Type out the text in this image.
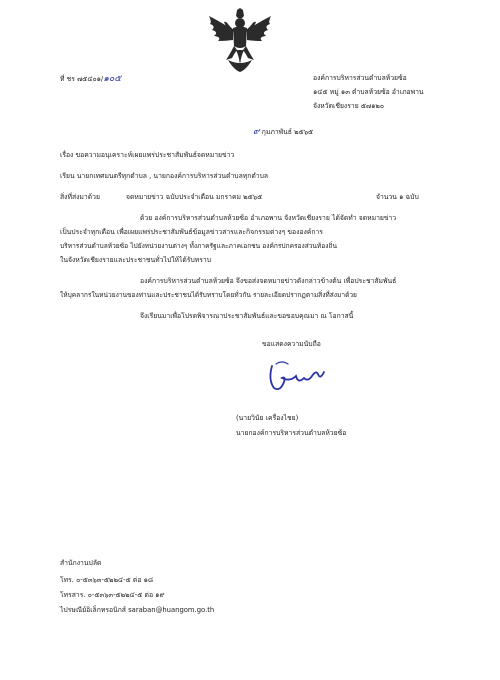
ที่ ชร ๗๕๔๐๑/๑๐๕	องค์การบริหารส่วนตำบลห้วยซ้อ
๑๔๕ หมู่ ๑๓ ตำบลห้วยซ้อ อำเภอพาน
จังหวัดเชียงราย ๕๗๑๒๐
๙ กุมภาพันธ์ ๒๕๖๕
เรื่อง ขอความอนุเคราะห์เผยแพร่ประชาสัมพันธ์จดหมายข่าว
เรียน นายกเทศมนตรีทุกตำบล , นายกองค์การบริหารส่วนตำบลทุกตำบล
สิ่งที่ส่งมาด้วย	จดหมายข่าว ฉบับประจำเดือน มกราคม ๒๕๖๕	จำนวน ๑ ฉบับ
ด้วย องค์การบริหารส่วนตำบลห้วยซ้อ อำเภอพาน จังหวัดเชียงราย ได้จัดทำ จดหมายข่าว
เป็นประจำทุกเดือน เพื่อเผยแพร่ประชาสัมพันธ์ข้อมูลข่าวสารและกิจกรรมต่างๆ ขององค์การ
บริหารส่วนตำบลห้วยซ้อ ไปยังหน่วยงานต่างๆ ทั้งภาครัฐและภาคเอกชน องค์กรปกครองส่วนท้องถิ่น
ในจังหวัดเชียงรายและประชาชนทั่วไปให้ได้รับทราบ
องค์การบริหารส่วนตำบลห้วยซ้อ จึงขอส่งจดหมายข่าวดังกล่าวข้างต้น เพื่อประชาสัมพันธ์
ให้บุคลากรในหน่วยงานของท่านและประชาชนได้รับทราบโดยทั่วกัน รายละเอียดปรากฏตามสิ่งที่ส่งมาด้วย
จึงเรียนมาเพื่อโปรดพิจารณาประชาสัมพันธ์และขอขอบคุณมา ณ โอกาสนี้
ขอแสดงความนับถือ
(นายวินัย เครื่องไชย)
นายกองค์การบริหารส่วนตำบลห้วยซ้อ
สำนักงานปลัด
โทร. ๐-๕๓๖๓-๕๒๒๔-๕ ต่อ ๑๘
โทรสาร. ๐-๕๓๖๓-๕๒๒๔-๕ ต่อ ๑๙
ไปรษณีย์อิเล็กทรอนิกส์ saraban@huangom.go.th
